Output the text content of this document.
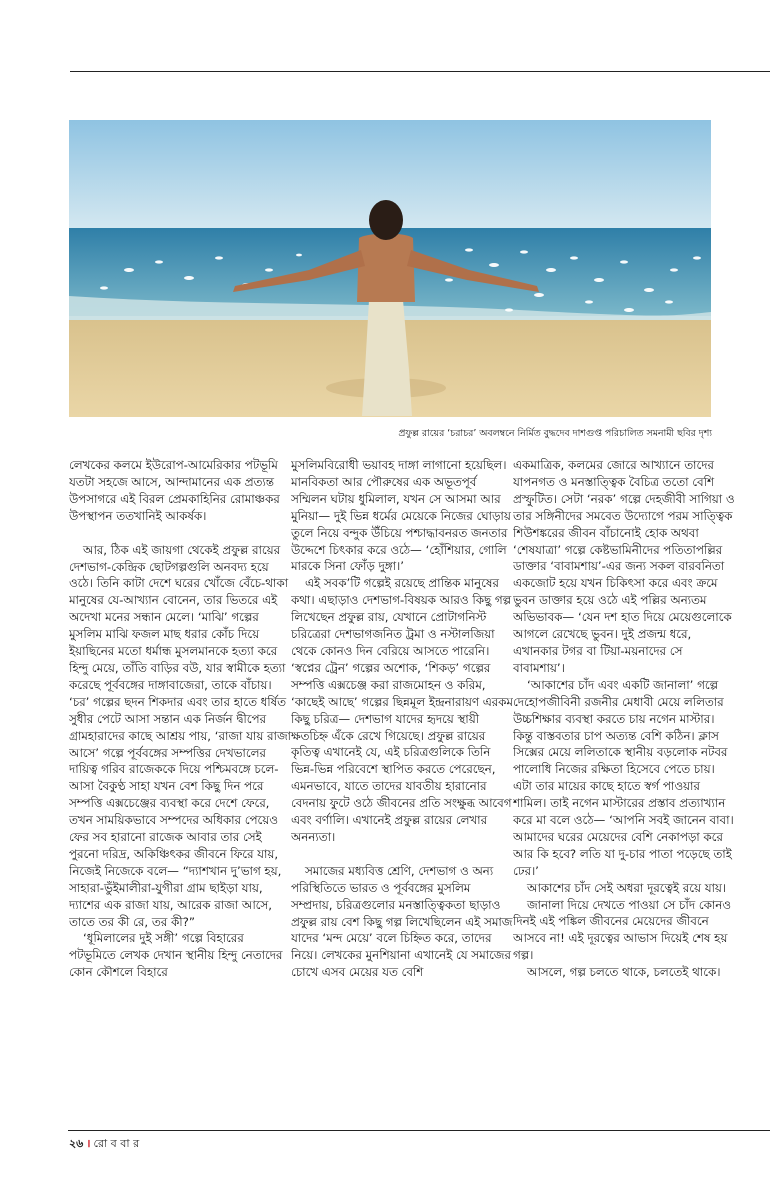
প্রফুল্ল রায়ের ‘চরাচর’ অবলম্বনে নির্মিত বুদ্ধদেব দাশগুপ্ত পরিচালিত সমনামী ছবির দৃশ্য

লেখকের কলমে ইউরোপ-আমেরিকার পটভূমি যতটা সহজে আসে, আন্দামানের এক প্রত্যন্ত উপসাগরে এই বিরল প্রেমকাহিনির রোমাঞ্চকর উপস্থাপন ততখানিই আকর্ষক।

আর, ঠিক এই জায়গা থেকেই প্রফুল্ল রায়ের দেশভাগ-কেন্দ্রিক ছোটগল্পগুলি অনবদ্য হয়ে ওঠে। তিনি কাটা দেশে ঘরের খোঁজে বেঁচে-থাকা মানুষের যে-আখ্যান বোনেন, তার ভিতরে এই অদেখা মনের সন্ধান মেলে। ‘মাঝি’ গল্পের মুসলিম মাঝি ফজল মাছ ধরার কোঁচ দিয়ে ইয়াছিনের মতো ধর্মান্ধ মুসলমানকে হত্যা করে হিন্দু মেয়ে, তাঁতি বাড়ির বউ, যার স্বামীকে হত্যা করেছে পূর্ববঙ্গের দাঙ্গাবাজেরা, তাকে বাঁচায়। ‘চর’ গল্পের ছদন শিকদার এবং তার হাতে ধর্ষিত সুধীর পেটে আসা সন্তান এক নির্জন দ্বীপের গ্রামহারাদের কাছে আশ্রয় পায়, ‘রাজা যায় রাজা আসে’ গল্পে পূর্ববঙ্গের সম্পত্তির দেখভালের দায়িত্ব গরিব রাজেককে দিয়ে পশ্চিমবঙ্গে চলে-আসা বৈকুণ্ঠ সাহা যখন বেশ কিছু দিন পরে সম্পত্তি এক্সচেঞ্জের ব্যবস্থা করে দেশে ফেরে, তখন সাময়িকভাবে সম্পদের অধিকার পেয়েও ফের সব হারানো রাজেক আবার তার সেই পুরনো দরিদ্র, অকিঞ্চিৎকর জীবনে ফিরে যায়, নিজেই নিজেকে বলে— “দ্যাশখান দু’ভাগ হয়, সাহারা-ভুঁইমালীরা-যুগীরা গ্রাম ছাইড়া যায়, দ্যাশের এক রাজা যায়, আরেক রাজা আসে, তাতে তর কী রে, তর কী?”

‘ধূমিলালের দুই সঙ্গী’ গল্পে বিহারের পটভূমিতে লেখক দেখান স্থানীয় হিন্দু নেতাদের কোন কৌশলে বিহারে

মুসলিমবিরোধী ভয়াবহ দাঙ্গা লাগানো হয়েছিল। মানবিকতা আর পৌরুষের এক অভূতপূর্ব সম্মিলন ঘটায় ধুমিলাল, যখন সে আসমা আর মুনিয়া— দুই ভিন্ন ধর্মের মেয়েকে নিজের ঘোড়ায় তুলে নিয়ে বন্দুক উঁচিয়ে পশ্চাদ্ধাবনরত জনতার উদ্দেশে চিৎকার করে ওঠে— ‘হোঁশিয়ার, গোলি মারকে সিনা ফোঁড় দুঙ্গা।’

এই সবক’টি গল্পেই রয়েছে প্রান্তিক মানুষের কথা। এছাড়াও দেশভাগ-বিষয়ক আরও কিছু গল্প লিখেছেন প্রফুল্ল রায়, যেখানে প্রোটাগনিস্ট চরিত্রেরা দেশভাগজনিত ট্রমা ও নস্টালজিয়া থেকে কোনও দিন বেরিয়ে আসতে পারেনি। ‘স্বপ্নের ট্রেন’ গল্পের অশোক, ‘শিকড়’ গল্পের সম্পত্তি এক্সচেঞ্জ করা রাজমোহন ও করিম, ‘কাছেই আছে’ গল্পের ছিন্নমূল ইন্দ্রনারায়ণ এরকম কিছু চরিত্র— দেশভাগ যাদের হৃদয়ে স্থায়ী ক্ষতচিহ্ন এঁকে রেখে গিয়েছে। প্রফুল্ল রায়ের কৃতিত্ব এখানেই যে, এই চরিত্রগুলিকে তিনি ভিন্ন-ভিন্ন পরিবেশে স্থাপিত করতে পেরেছেন, এমনভাবে, যাতে তাদের যাবতীয় হারানোর বেদনায় ফুটে ওঠে জীবনের প্রতি সংক্ষুব্ধ আবেগ এবং বর্ণালি। এখানেই প্রফুল্ল রায়ের লেখার অনন্যতা।

সমাজের মধ্যবিত্ত শ্রেণি, দেশভাগ ও অন্য পরিস্থিতিতে ভারত ও পূর্ববঙ্গের মুসলিম সম্প্রদায়, চরিত্রগুলোর মনস্তাত্ত্বিকতা ছাড়াও প্রফুল্ল রায় বেশ কিছু গল্প লিখেছিলেন এই সমাজ যাদের ‘মন্দ মেয়ে’ বলে চিহ্নিত করে, তাদের নিয়ে। লেখকের মুনশিয়ানা এখানেই যে সমাজের চোখে এসব মেয়ের যত বেশি

একমাত্রিক, কলমের জোরে আখ্যানে তাদের যাপনগত ও মনস্তাত্ত্বিক বৈচিত্র ততো বেশি প্রস্ফুটিত। সেটা ‘নরক’ গল্পে দেহজীবী সাগিয়া ও তার সঙ্গিনীদের সমবেত উদ্যোগে পরম সাত্ত্বিক শিউশঙ্করের জীবন বাঁচানোই হোক অথবা ‘শেষযাত্রা’ গল্পে কেষ্টভামিনীদের পতিতাপল্লির ডাক্তার ‘বাবামশায়’-এর জন্য সকল বারবনিতা একজোট হয়ে যখন চিকিৎসা করে এবং ক্রমে ভুবন ডাক্তার হয়ে ওঠে এই পল্লির অন্যতম অভিভাবক— ‘যেন দশ হাত দিয়ে মেয়েগুলোকে আগলে রেখেছে ভুবন। দুই প্রজন্ম ধরে, এখানকার টগর বা টিয়া-ময়নাদের সে বাবামশায়’।

‘আকাশের চাঁদ এবং একটি জানালা’ গল্পে দেহোপজীবিনী রজনীর মেধাবী মেয়ে ললিতার উচ্চশিক্ষার ব্যবস্থা করতে চায় নগেন মাস্টার। কিন্তু বাস্তবতার চাপ অত্যন্ত বেশি কঠিন। ক্লাস সিক্সের মেয়ে ললিতাকে স্থানীয় বড়লোক নটবর পালোধি নিজের রক্ষিতা হিসেবে পেতে চায়। এটা তার মায়ের কাছে হাতে স্বর্গ পাওয়ার শামিল। তাই নগেন মাস্টারের প্রস্তাব প্রত্যাখ্যান করে মা বলে ওঠে— ‘আপনি সবই জানেন বাবা। আমাদের ঘরের মেয়েদের বেশি নেকাপড়া করে আর কি হবে? লতি যা দু-চার পাতা পড়েছে তাই ঢের।’

আকাশের চাঁদ সেই অধরা দূরত্বেই রয়ে যায়।

জানালা দিয়ে দেখতে পাওয়া সে চাঁদ কোনও দিনই এই পঙ্কিল জীবনের মেয়েদের জীবনে আসবে না! এই দূরত্বের আভাস দিয়েই শেষ হয় গল্প।

আসলে, গল্প চলতে থাকে, চলতেই থাকে।

২৬ । রো ব বা র
